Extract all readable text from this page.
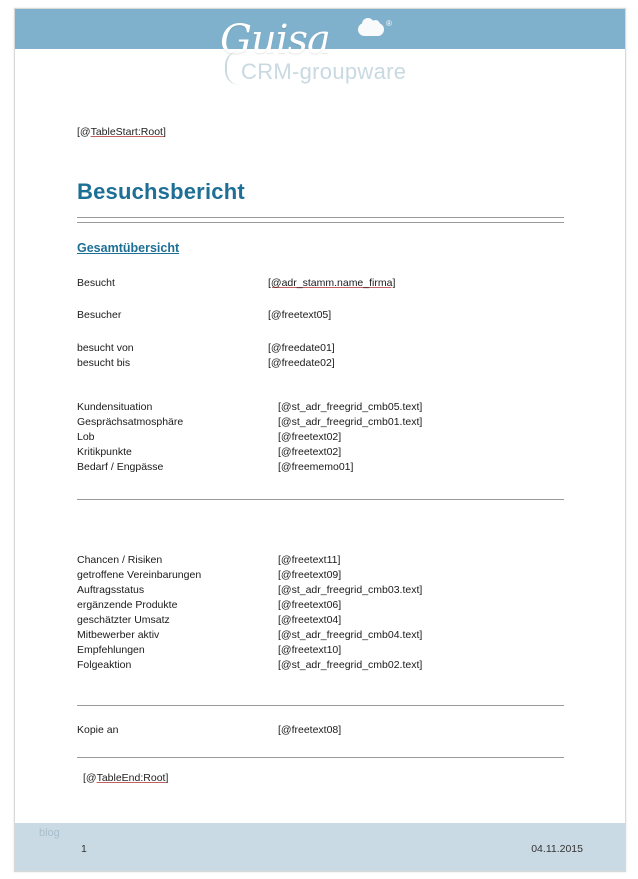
Guisa	®
CRM-groupware
[@TableStart:Root]
Besuchsbericht
Gesamtübersicht
Besucht	[@adr_stamm.name_firma]
Besucher	[@freetext05]
besucht von	[@freedate01]
besucht bis	[@freedate02]
Kundensituation	[@st_adr_freegrid_cmb05.text]
Gesprächsatmosphäre	[@st_adr_freegrid_cmb01.text]
Lob	[@freetext02]
Kritikpunkte	[@freetext02]
Bedarf / Engpässe	[@freememo01]
Chancen / Risiken	[@freetext11]
getroffene Vereinbarungen	[@freetext09]
Auftragsstatus	[@st_adr_freegrid_cmb03.text]
ergänzende Produkte	[@freetext06]
geschätzter Umsatz	[@freetext04]
Mitbewerber aktiv	[@st_adr_freegrid_cmb04.text]
Empfehlungen	[@freetext10]
Folgeaktion	[@st_adr_freegrid_cmb02.text]
Kopie an	[@freetext08]
[@TableEnd:Root]
blog
1	04.11.2015
